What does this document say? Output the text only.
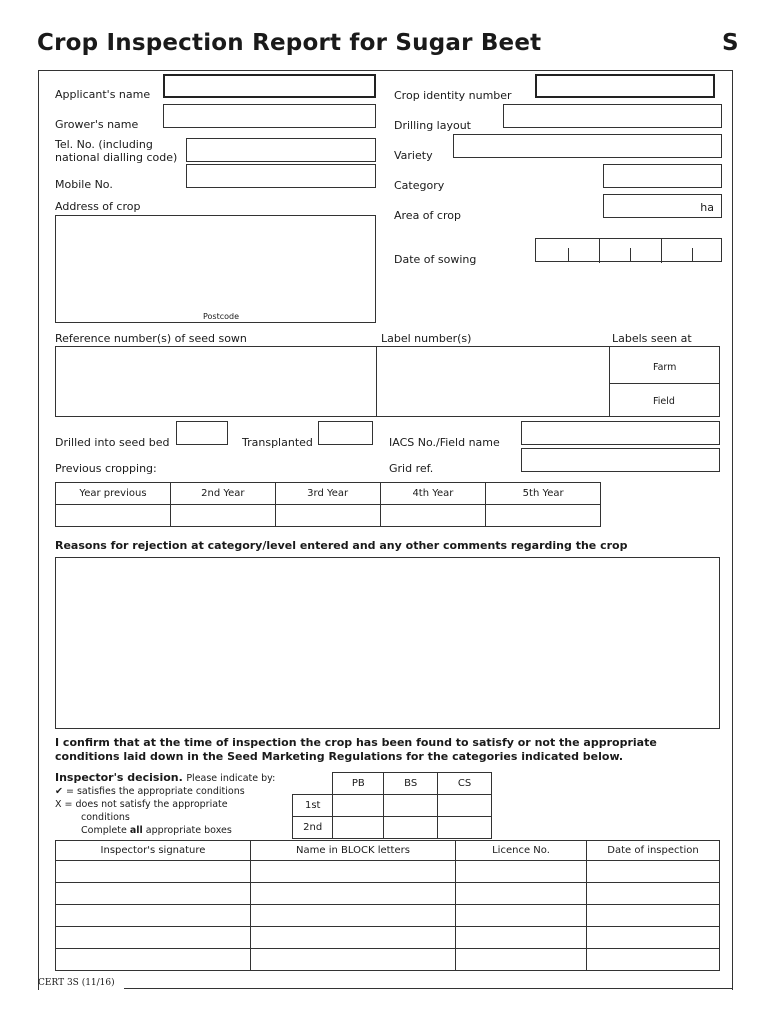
Crop Inspection Report for Sugar Beet	S
Applicant's name
Grower's name
Tel. No. (including
national dialling code)
Mobile No.
Address of crop
Postcode
Crop identity number
Drilling layout
Variety
Category
Area of crop
ha
Date of sowing
Reference number(s) of seed sown	Label number(s)	Labels seen at
Farm
Field
Drilled into seed bed	Transplanted	IACS No./Field name
Previous cropping:	Grid ref.
Year previous	2nd Year	3rd Year	4th Year	5th Year

Reasons for rejection at category/level entered and any other comments regarding the crop
I confirm that at the time of inspection the crop has been found to satisfy or not the appropriate
conditions laid down in the Seed Marketing Regulations for the categories indicated below.
Inspector's decision. Please indicate by:
✔ = satisfies the appropriate conditions
X = does not satisfy the appropriate
conditions
Complete all appropriate boxes
	PB	BS	CS
1st			
2nd			
Inspector's signature	Name in BLOCK letters	Licence No.	Date of inspection

CERT 3S (11/16)
